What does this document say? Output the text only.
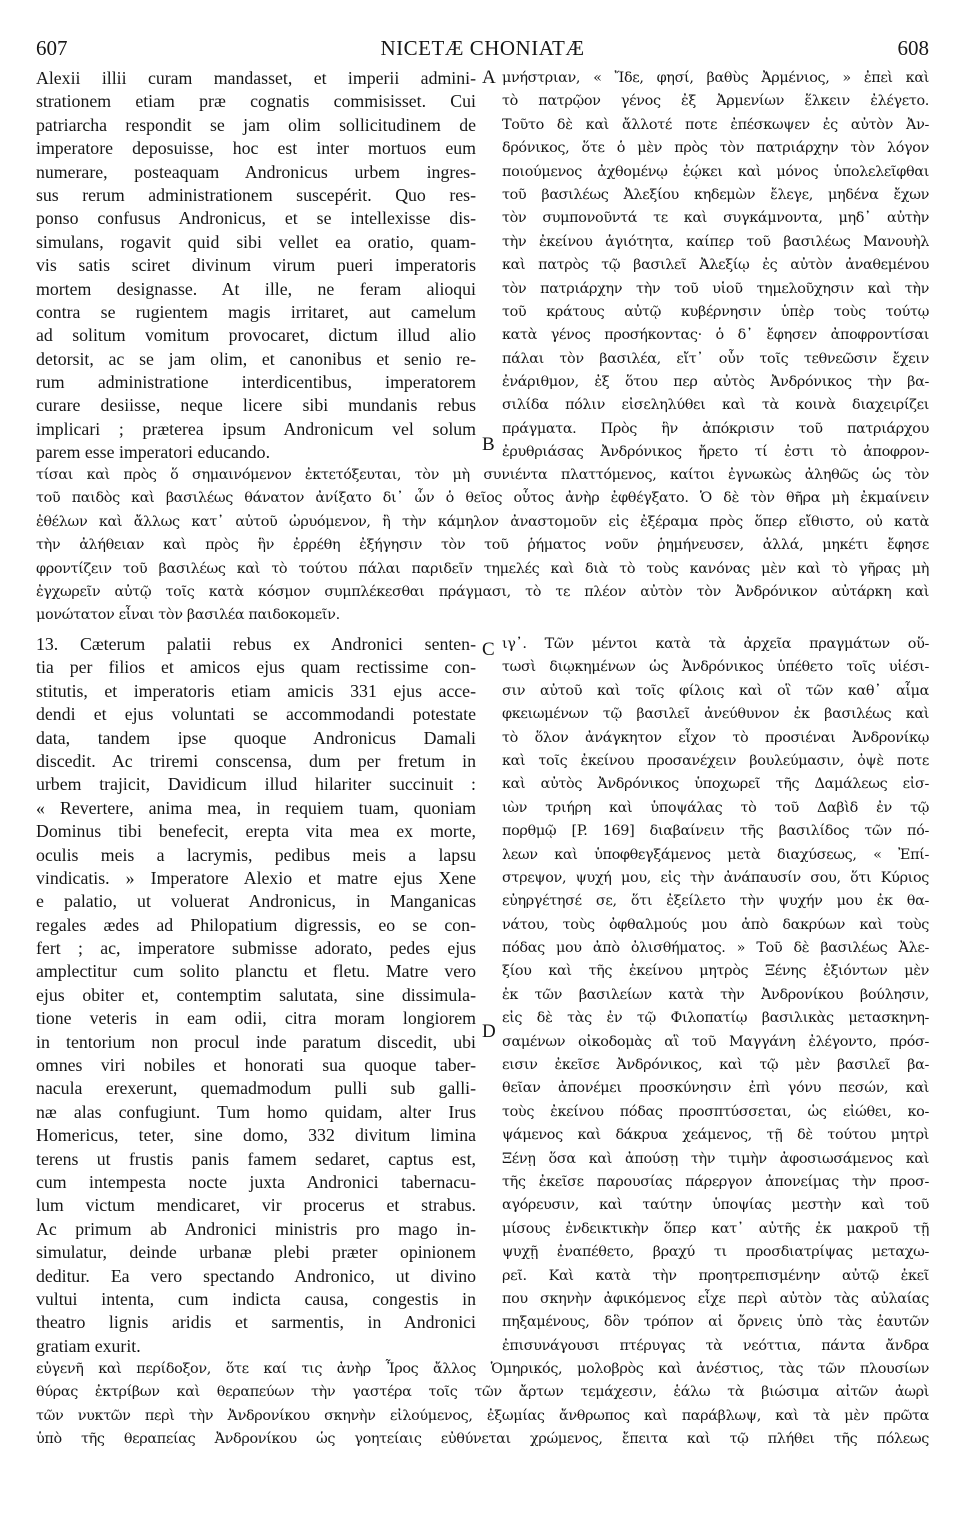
NICETÆ CHONIATÆ
607	608
Alexii illii curam mandasset, et imperii admini-
strationem etiam præ cognatis commisisset. Cui
patriarcha respondit se jam olim sollicitudinem de
imperatore deposuisse, hoc est inter mortuos eum
numerare, posteaquam Andronicus urbem ingres-
sus rerum administrationem suscepérit. Quo res-
ponso confusus Andronicus, et se intellexisse dis-
simulans, rogavit quid sibi vellet ea oratio, quam-
vis satis sciret divinum virum pueri imperatoris
mortem designasse. At ille, ne feram alioqui
contra se rugientem magis irritaret, aut camelum
ad solitum vomitum provocaret, dictum illud alio
detorsit, ac se jam olim, et canonibus et senio re-
rum administratione interdicentibus, imperatorem
curare desiisse, neque licere sibi mundanis rebus
implicari ; præterea ipsum Andronicum vel solum
parem esse imperatori educando.
A
B
μνήστριαν, « Ἴδε, φησί, βαθὺς Ἀρμένιος, » ἐπεὶ καὶ
τὸ πατρῷον γένος ἐξ Ἀρμενίων ἕλκειν ἐλέγετο.
Τοῦτο δὲ καὶ ἄλλοτέ ποτε ἐπέσκωψεν ἐς αὐτὸν Ἀν-
δρόνικος, ὅτε ὁ μὲν πρὸς τὸν πατριάρχην τὸν λόγον
ποιούμενος ἀχθομένῳ ἐῴκει καὶ μόνος ὑπολελεῖφθαι
τοῦ βασιλέως Ἀλεξίου κηδεμὼν ἔλεγε, μηδένα ἔχων
τὸν συμπονοῦντά τε καὶ συγκάμνοντα, μηδ᾽ αὐτὴν
τὴν ἐκείνου ἁγιότητα, καίπερ τοῦ βασιλέως Μανουὴλ
καὶ πατρὸς τῷ βασιλεῖ Ἀλεξίῳ ἐς αὐτὸν ἀναθεμένου
τὸν πατριάρχην τὴν τοῦ υἱοῦ τημελοῦχησιν καὶ τὴν
τοῦ κράτους αὐτῷ κυβέρνησιν ὑπὲρ τοὺς τούτῳ
κατὰ γένος προσήκοντας· ὁ δ᾽ ἔφησεν ἀποφροντίσαι
πάλαι τὸν βασιλέα, εἴτ᾽ οὖν τοῖς τεθνεῶσιν ἔχειν
ἐνάριθμον, ἐξ ὅτου περ αὐτὸς Ἀνδρόνικος τὴν βα-
σιλίδα πόλιν εἰσεληλύθει καὶ τὰ κοινὰ διαχειρίζει
πράγματα. Πρὸς ἣν ἀπόκρισιν τοῦ πατριάρχου
ἐρυθριάσας Ἀνδρόνικος ἤρετο τί ἐστι τὸ ἀποφρον-
τίσαι καὶ πρὸς ὅ σημαινόμενον ἐκτετόξευται, τὸν μὴ συνιέντα πλαττόμενος, καίτοι ἐγνωκὼς ἀληθῶς ὡς τὸν
τοῦ παιδὸς καὶ βασιλέως θάνατον ἀνίξατο δι᾽ ὧν ὁ θεῖος οὗτος ἀνὴρ ἐφθέγξατο. Ὁ δὲ τὸν θῆρα μὴ ἐκμαίνειν
ἐθέλων καὶ ἄλλως κατ᾽ αὐτοῦ ὠρυόμενον, ἢ τὴν κάμηλον ἀναστομοῦν εἰς ἐξέραμα πρὸς ὅπερ εἴθιστο, οὐ κατὰ
τὴν ἀλήθειαν καὶ πρὸς ἣν ἐρρέθη ἐξήγησιν τὸν τοῦ ῥήματος νοῦν ῥημήνευσεν, ἀλλά, μηκέτι ἔφησε
φροντίζειν τοῦ βασιλέως καὶ τὸ τούτου πάλαι παριδεῖν τημελές καὶ διὰ τὸ τοὺς κανόνας μὲν καὶ τὸ γῆρας μὴ
ἐγχωρεῖν αὐτῷ τοῖς κατὰ κόσμον συμπλέκεσθαι πράγμασι, τὸ τε πλέον αὐτὸν τὸν Ἀνδρόνικον αὐτάρκη καὶ
μονώτατον εἶναι τὸν βασιλέα παιδοκομεῖν.
13. Cæterum palatii rebus ex Andronici senten-
tia per filios et amicos ejus quam rectissime con-
stitutis, et imperatoris etiam amicis 331 ejus acce-
dendi et ejus voluntati se accommodandi potestate
data, tandem ipse quoque Andronicus Damali
discedit. Ac triremi conscensa, dum per fretum in
urbem trajicit, Davidicum illud hilariter succinuit :
« Revertere, anima mea, in requiem tuam, quoniam
Dominus tibi benefecit, erepta vita mea ex morte,
oculis meis a lacrymis, pedibus meis a lapsu
vindicatis. » Imperatore Alexio et matre ejus Xene
e palatio, ut voluerat Andronicus, in Manganicas
regales ædes ad Philopatium digressis, eo se con-
fert ; ac, imperatore submisse adorato, pedes ejus
amplectitur cum solito planctu et fletu. Matre vero
ejus obiter et, contemptim salutata, sine dissimula-
tione veteris in eam odii, citra moram longiorem
in tentorium non procul inde paratum discedit, ubi
omnes viri nobiles et honorati sua quoque taber-
nacula erexerunt, quemadmodum pulli sub galli-
næ alas confugiunt. Tum homo quidam, alter Irus
Homericus, teter, sine domo, 332 divitum limina
terens ut frustis panis famem sedaret, captus est,
cum intempesta nocte juxta Andronici tabernacu-
lum victum mendicaret, vir procerus et strabus.
Ac primum ab Andronici ministris pro mago in-
simulatur, deinde urbanæ plebi præter opinionem
deditur. Ea vero spectando Andronico, ut divino
vultui intenta, cum indicta causa, congestis in
theatro lignis aridis et sarmentis, in Andronici
gratiam exurit.
C
D
ιγ᾽. Τῶν μέντοι κατὰ τὰ ἀρχεῖα πραγμάτων οὕ-
τωσὶ διῳκημένων ὡς Ἀνδρόνικος ὑπέθετο τοῖς υἱέσι-
σιν αὐτοῦ καὶ τοῖς φίλοις καὶ οἳ τῶν καθ᾽ αἷμα
φκειωμένων τῷ βασιλεῖ ἀνεύθυνον ἐκ βασιλέως καὶ
τὸ ὅλον ἀνάγκητον εἶχον τὸ προσιέναι Ἀνδρονίκῳ
καὶ τοῖς ἐκείνου προσανέχειν βουλεύμασιν, ὀψὲ ποτε
καὶ αὐτὸς Ἀνδρόνικος ὑποχωρεῖ τῆς Δαμάλεως εἰσ-
ιὼν τριήρη καὶ ὑποψάλας τὸ τοῦ Δαβὶδ ἐν τῷ
πορθμῷ [P. 169] διαβαίνειν τῆς βασιλίδος τῶν πό-
λεων καὶ ὑποφθεγξάμενος μετὰ διαχύσεως, « Ἐπί-
στρεψον, ψυχή μου, εἰς τὴν ἀνάπαυσίν σου, ὅτι Κύριος
εὐηργέτησέ σε, ὅτι ἐξείλετο τὴν ψυχήν μου ἐκ θα-
νάτου, τοὺς ὀφθαλμούς μου ἀπὸ δακρύων καὶ τοὺς
πόδας μου ἀπὸ ὀλισθήματος. » Τοῦ δὲ βασιλέως Ἀλε-
ξίου καὶ τῆς ἐκείνου μητρὸς Ξένης ἐξιόντων μὲν
ἐκ τῶν βασιλείων κατὰ τὴν Ἀνδρονίκου βούλησιν,
εἰς δὲ τὰς ἐν τῷ Φιλοπατίῳ βασιλικὰς μετασκηνη-
σαμένων οἰκοδομὰς αἳ τοῦ Μαγγάνη ἐλέγοντο, πρόσ-
εισιν ἐκεῖσε Ἀνδρόνικος, καὶ τῷ μὲν βασιλεῖ βα-
θεῖαν ἀπονέμει προσκύνησιν ἐπὶ γόνυ πεσών, καὶ
τοὺς ἐκείνου πόδας προσπτύσσεται, ὡς εἰώθει, κο-
ψάμενος καὶ δάκρυα χεάμενος, τῇ δὲ τούτου μητρὶ
Ξένῃ ὅσα καὶ ἀπούσῃ τὴν τιμὴν ἀφοσιωσάμενος καὶ
τῆς ἐκεῖσε παρουσίας πάρεργον ἀπονείμας τὴν προσ-
αγόρευσιν, καὶ ταύτην ὑποψίας μεστὴν καὶ τοῦ
μίσους ἐνδεικτικὴν ὅπερ κατ᾽ αὐτῆς ἐκ μακροῦ τῇ
ψυχῇ ἐναπέθετο, βραχύ τι προσδιατρίψας μεταχω-
ρεῖ. Καὶ κατὰ τὴν προητρεπισμένην αὐτῷ ἐκεῖ
που σκηνὴν ἀφικόμενος εἶχε περὶ αὐτὸν τὰς αὐλαίας
πηξαμένους, δὃν τρόπον αἱ ὄρνεις ὑπὸ τὰς ἑαυτῶν
ἐπισυνάγουσι πτέρυγας τὰ νεόττια, πάντα ἄνδρα
εὐγενῆ καὶ περίδοξον, ὅτε καί τις ἀνὴρ Ἶρος ἄλλος Ὁμηρικός, μολοβρὸς καὶ ἀνέστιος, τὰς τῶν πλουσίων
θύρας ἐκτρίβων καὶ θεραπεύων τὴν γαστέρα τοῖς τῶν ἄρτων τεμάχεσιν, ἑάλω τὰ βιώσιμα αἰτῶν ἀωρὶ
τῶν νυκτῶν περὶ τὴν Ἀνδρονίκου σκηνὴν εἰλούμενος, ἐξωμίας ἄνθρωπος καὶ παράβλωψ, καὶ τὰ μὲν πρῶτα
ὑπὸ τῆς θεραπείας Ἀνδρονίκου ὡς γοητείαις εὐθύνεται χρώμενος, ἔπειτα καὶ τῷ πλήθει τῆς πόλεως
